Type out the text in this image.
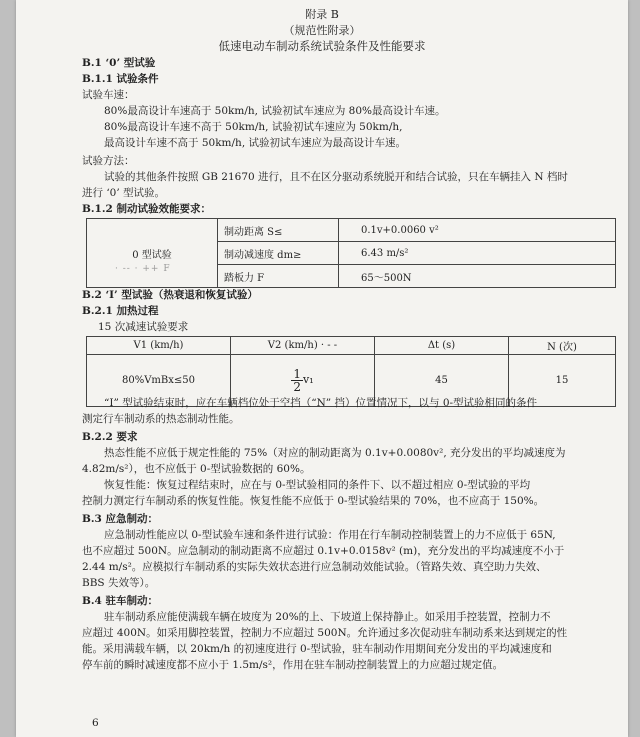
附录 B
（规范性附录）
低速电动车制动系统试验条件及性能要求
B.1 ‘0’ 型试验
B.1.1 试验条件
试验车速：
80%最高设计车速高于 50km/h, 试验初试车速应为 80%最高设计车速。
80%最高设计车速不高于 50km/h, 试验初试车速应为 50km/h,
最高设计车速不高于 50km/h, 试验初试车速应为最高设计车速。
试验方法：
试验的其他条件按照 GB 21670 进行，且不在区分驱动系统脱开和结合试验，只在车辆挂入 N 档时
进行 ‘0’ 型试验。
B.1.2 制动试验效能要求：
0 型试验
· -- · ++ F	制动距离 S≤	0.1v+0.0060 v²
	制动减速度 dm≥	6.43 m/s²
	踏板力 F	65～500N
B.2 ‘I’ 型试验（热衰退和恢复试验）
B.2.1 加热过程
15 次减速试验要求
V1 (km/h)	V2 (km/h) · - -	Δt (s)	N (次)
80%VmBx≤50	$\frac{1}{2} v_1$	45	15
“I” 型试验结束时，应在车辆档位处于空挡（“N” 挡）位置情况下，以与 0-型试验相同的条件
测定行车制动系的热态制动性能。
B.2.2 要求
热态性能不应低于规定性能的 75%（对应的制动距离为 0.1v+0.0080v², 充分发出的平均减速度为
4.82m/s²），也不应低于 0-型试验数据的 60%。
恢复性能：恢复过程结束时，应在与 0-型试验相同的条件下、以不超过相应 0-型试验的平均
控制力测定行车制动系的恢复性能。恢复性能不应低于 0-型试验结果的 70%，也不应高于 150%。
B.3 应急制动：
应急制动性能应以 0-型试验车速和条件进行试验：作用在行车制动控制装置上的力不应低于 65N,
也不应超过 500N。应急制动的制动距离不应超过 0.1v+0.0158v² (m)，充分发出的平均减速度不小于
2.44 m/s²。应模拟行车制动系的实际失效状态进行应急制动效能试验。（管路失效、真空助力失效、
BBS 失效等）。
B.4 驻车制动：
驻车制动系应能使满载车辆在坡度为 20%的上、下坡道上保持静止。如采用手控装置，控制力不
应超过 400N。如采用脚控装置，控制力不应超过 500N。允许通过多次促动驻车制动系来达到规定的性
能。采用满载车辆，以 20km/h 的初速度进行 0-型试验，驻车制动作用期间充分发出的平均减速度和
停车前的瞬时减速度都不应小于 1.5m/s²，作用在驻车制动控制装置上的力应超过规定值。
6
